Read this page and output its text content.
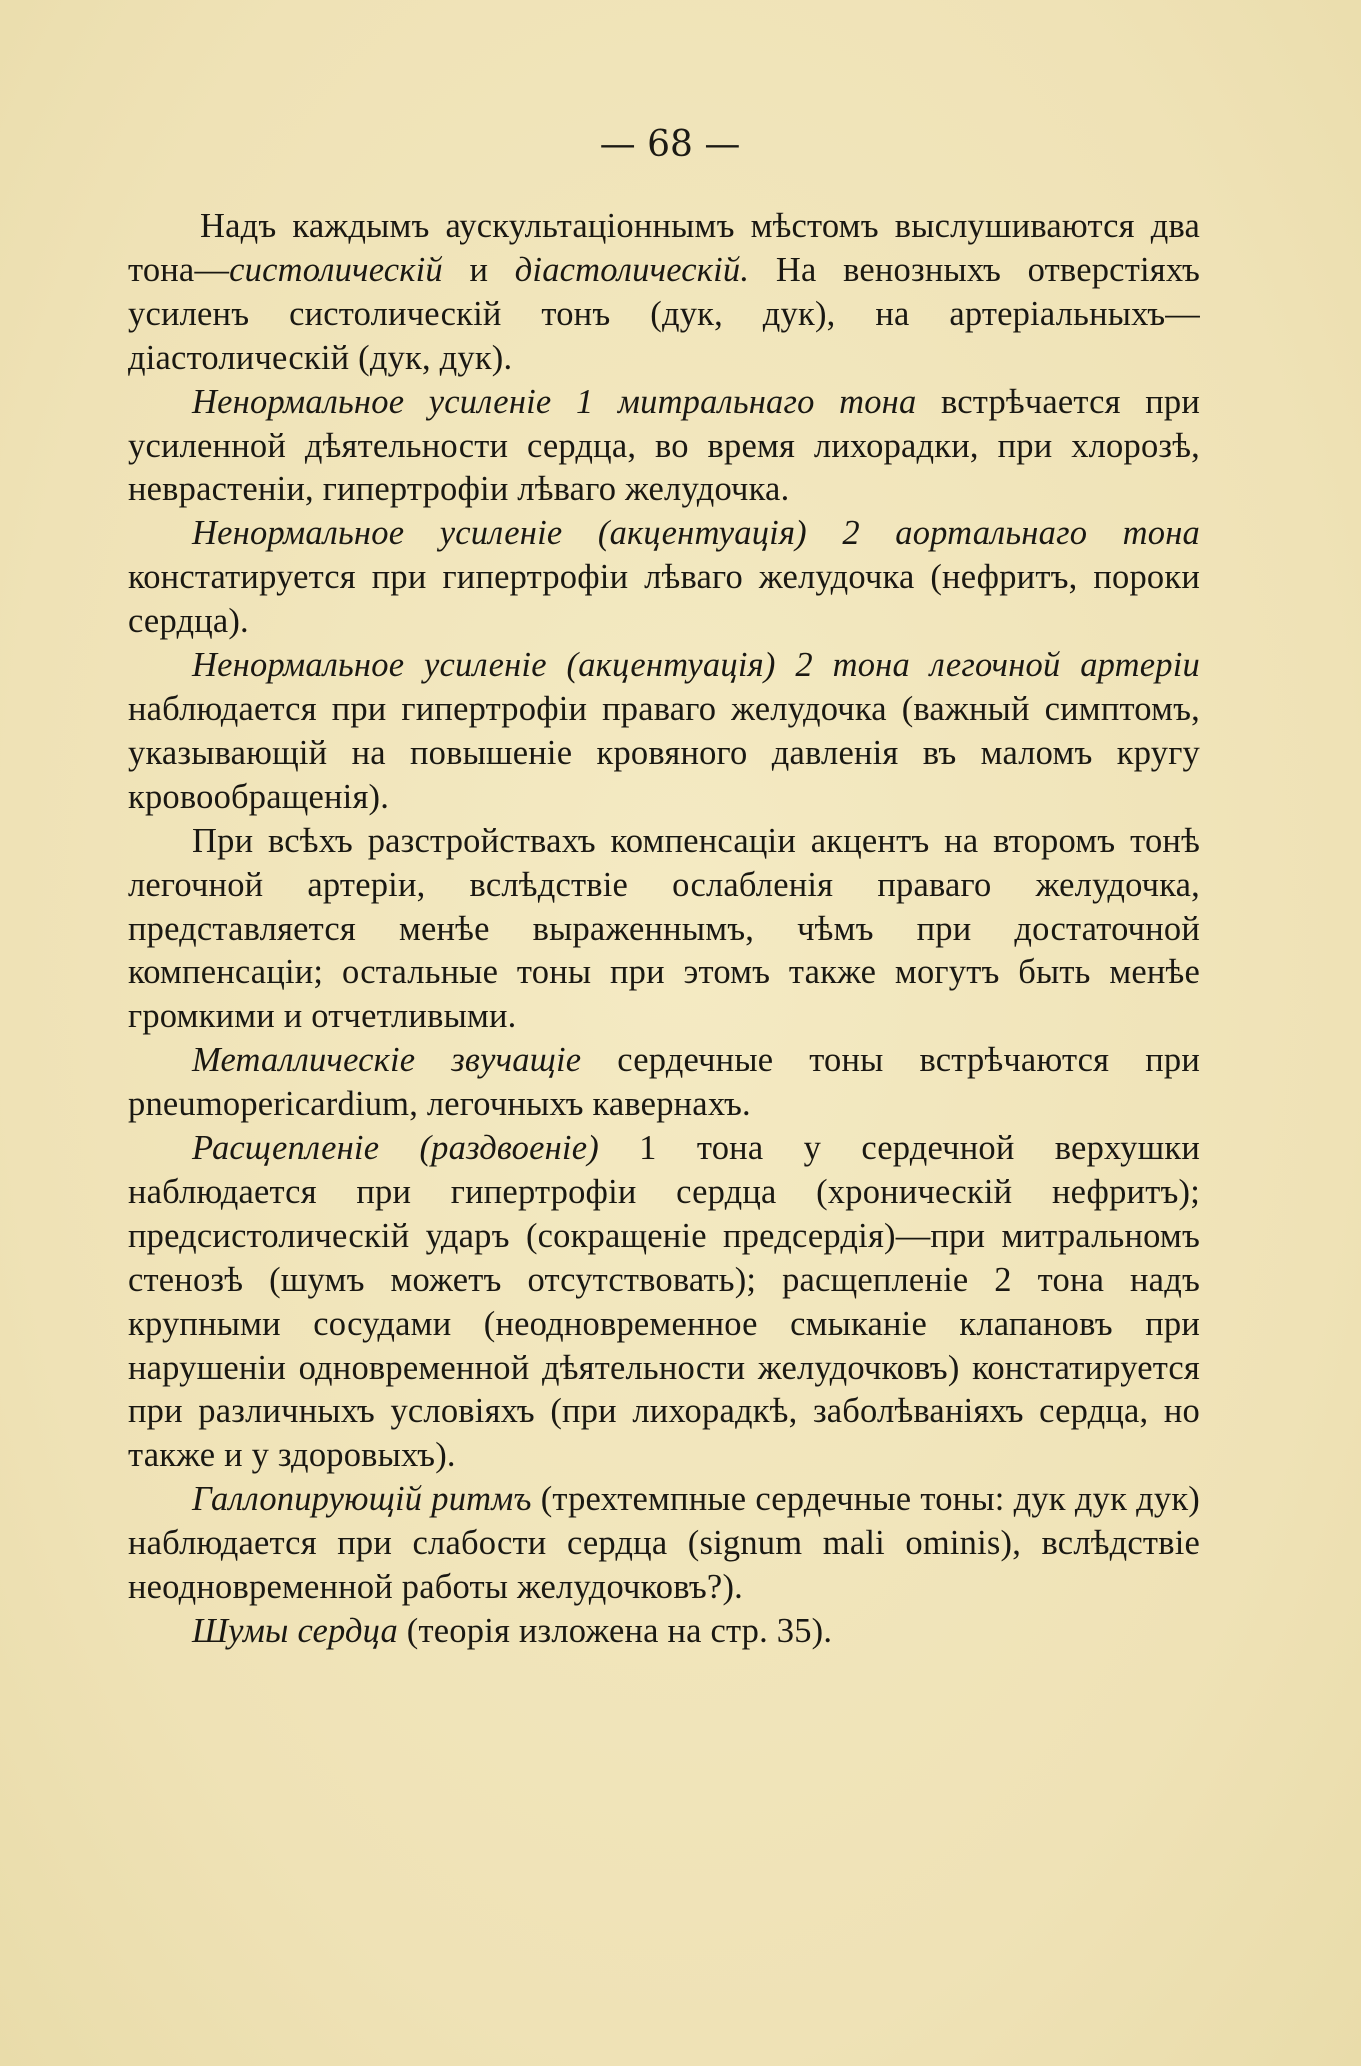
— 68 —

Надъ каждымъ аускультаціоннымъ мѣстомъ выслушиваются два тона—систолическій и діастолическій. На венозныхъ отверстіяхъ усиленъ систолическій тонъ (дук, дук), на артеріальныхъ—діастолическій (дук, дук).

Ненормальное усиленіе 1 митральнаго тона встрѣчается при усиленной дѣятельности сердца, во время лихорадки, при хлорозѣ, неврастеніи, гипертрофіи лѣваго желудочка.

Ненормальное усиленіе (акцентуація) 2 аортальнаго тона констатируется при гипертрофіи лѣваго желудочка (нефритъ, пороки сердца).

Ненормальное усиленіе (акцентуація) 2 тона легочной артеріи наблюдается при гипертрофіи праваго желудочка (важный симптомъ, указывающій на повышеніе кровяного давленія въ маломъ кругу кровообращенія).

При всѣхъ разстройствахъ компенсаціи акцентъ на второмъ тонѣ легочной артеріи, вслѣдствіе ослабленія праваго желудочка, представляется менѣе выраженнымъ, чѣмъ при достаточной компенсаціи; остальные тоны при этомъ также могутъ быть менѣе громкими и отчетливыми.

Металлическіе звучащіе сердечные тоны встрѣчаются при pneumopericardium, легочныхъ кавернахъ.

Расщепленіе (раздвоеніе) 1 тона у сердечной верхушки наблюдается при гипертрофіи сердца (хроническій нефритъ); предсистолическій ударъ (сокращеніе предсердія)—при митральномъ стенозѣ (шумъ можетъ отсутствовать); расщепленіе 2 тона надъ крупными сосудами (неодновременное смыканіе клапановъ при нарушеніи одновременной дѣятельности желудочковъ) констатируется при различныхъ условіяхъ (при лихорадкѣ, заболѣваніяхъ сердца, но также и у здоровыхъ).

Галлопирующій ритмъ (трехтемпные сердечные тоны: дук дук дук) наблюдается при слабости сердца (signum mali ominis), вслѣдствіе неодновременной работы желудочковъ?).

Шумы сердца (теорія изложена на стр. 35).
